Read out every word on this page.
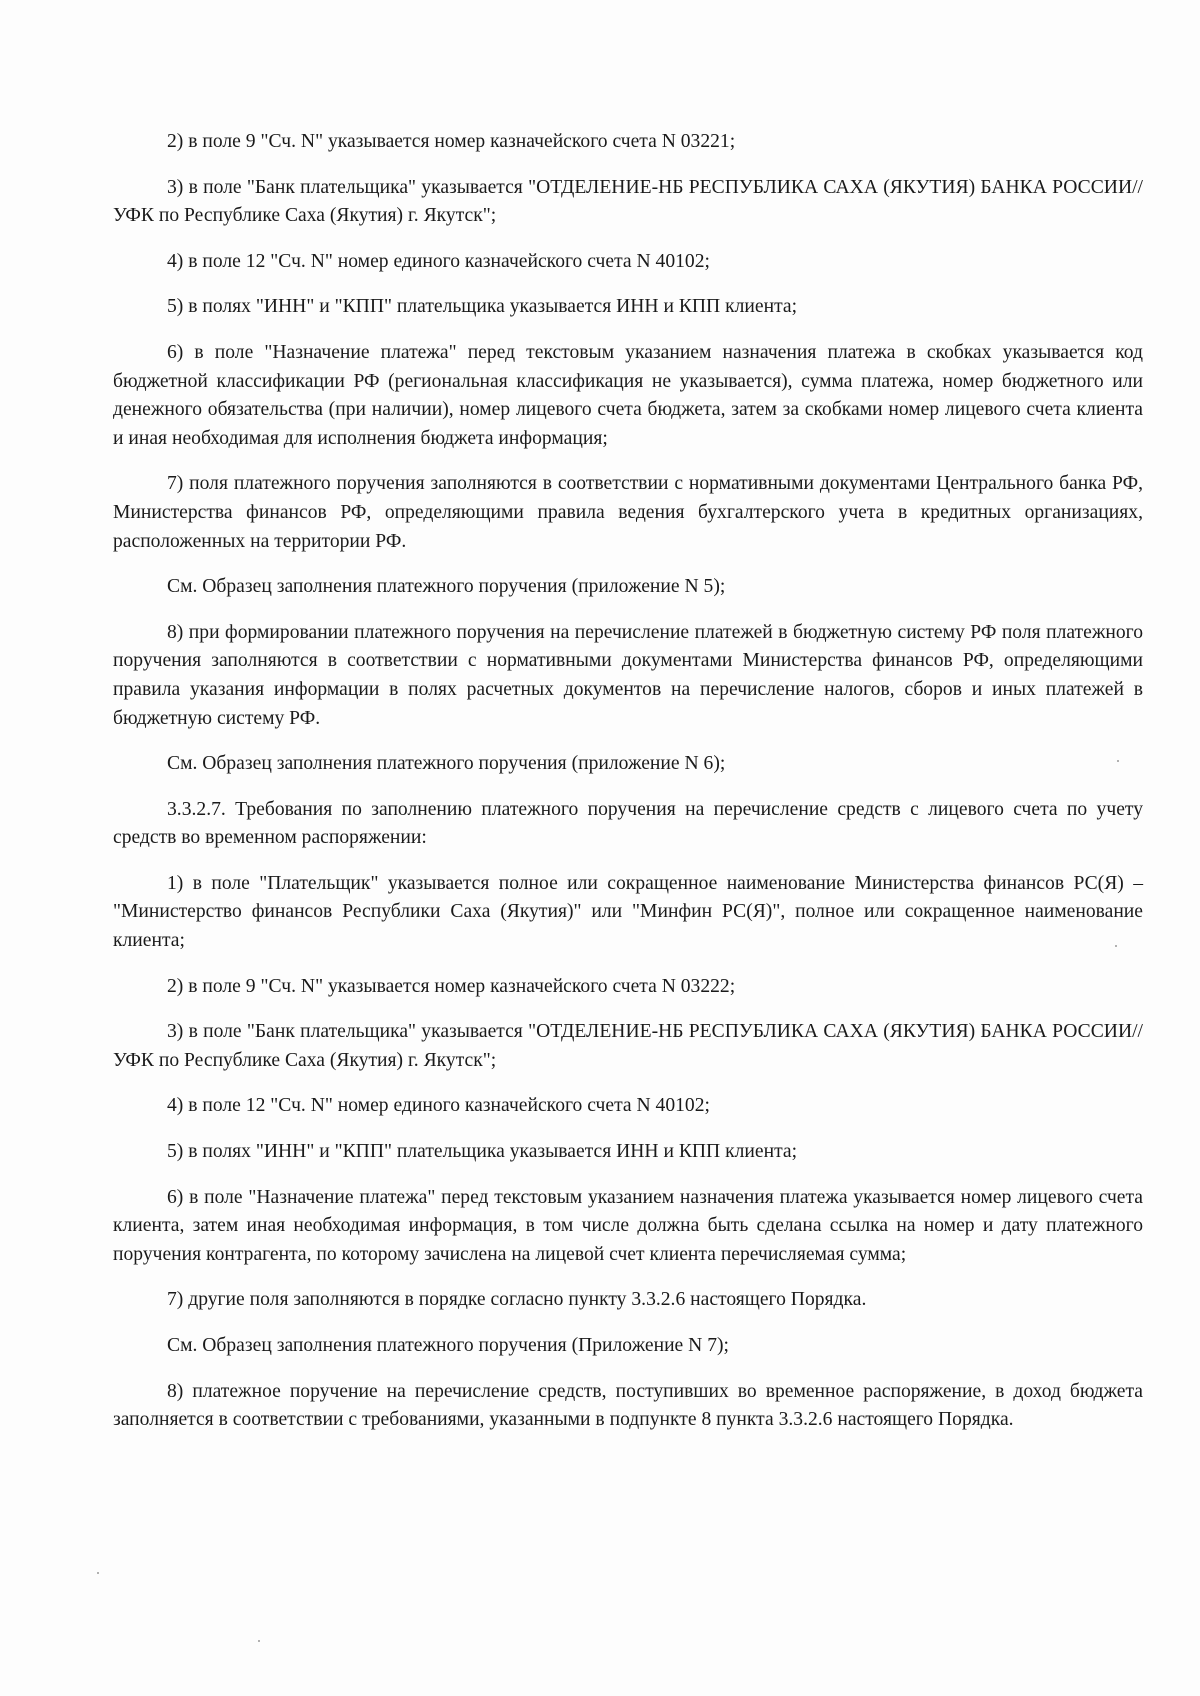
2) в поле 9 "Сч. N" указывается номер казначейского счета N 03221;

3) в поле "Банк плательщика" указывается "ОТДЕЛЕНИЕ-НБ РЕСПУБЛИКА САХА (ЯКУТИЯ) БАНКА РОССИИ//УФК по Республике Саха (Якутия) г. Якутск";

4) в поле 12 "Сч. N" номер единого казначейского счета N 40102;

5) в полях "ИНН" и "КПП" плательщика указывается ИНН и КПП клиента;

6) в поле "Назначение платежа" перед текстовым указанием назначения платежа в скобках указывается код бюджетной классификации РФ (региональная классификация не указывается), сумма платежа, номер бюджетного или денежного обязательства (при наличии), номер лицевого счета бюджета, затем за скобками номер лицевого счета клиента и иная необходимая для исполнения бюджета информация;

7) поля платежного поручения заполняются в соответствии с нормативными документами Центрального банка РФ, Министерства финансов РФ, определяющими правила ведения бухгалтерского учета в кредитных организациях, расположенных на территории РФ.

См. Образец заполнения платежного поручения (приложение N 5);

8) при формировании платежного поручения на перечисление платежей в бюджетную систему РФ поля платежного поручения заполняются в соответствии с нормативными документами Министерства финансов РФ, определяющими правила указания информации в полях расчетных документов на перечисление налогов, сборов и иных платежей в бюджетную систему РФ.

См. Образец заполнения платежного поручения (приложение N 6);

3.3.2.7. Требования по заполнению платежного поручения на перечисление средств с лицевого счета по учету средств во временном распоряжении:

1) в поле "Плательщик" указывается полное или сокращенное наименование Министерства финансов РС(Я) – "Министерство финансов Республики Саха (Якутия)" или "Минфин РС(Я)", полное или сокращенное наименование клиента;

2) в поле 9 "Сч. N" указывается номер казначейского счета N 03222;

3) в поле "Банк плательщика" указывается "ОТДЕЛЕНИЕ-НБ РЕСПУБЛИКА САХА (ЯКУТИЯ) БАНКА РОССИИ//УФК по Республике Саха (Якутия) г. Якутск";

4) в поле 12 "Сч. N" номер единого казначейского счета N 40102;

5) в полях "ИНН" и "КПП" плательщика указывается ИНН и КПП клиента;

6) в поле "Назначение платежа" перед текстовым указанием назначения платежа указывается номер лицевого счета клиента, затем иная необходимая информация, в том числе должна быть сделана ссылка на номер и дату платежного поручения контрагента, по которому зачислена на лицевой счет клиента перечисляемая сумма;

7) другие поля заполняются в порядке согласно пункту 3.3.2.6 настоящего Порядка.

См. Образец заполнения платежного поручения (Приложение N 7);

8) платежное поручение на перечисление средств, поступивших во временное распоряжение, в доход бюджета заполняется в соответствии с требованиями, указанными в подпункте 8 пункта 3.3.2.6 настоящего Порядка.
